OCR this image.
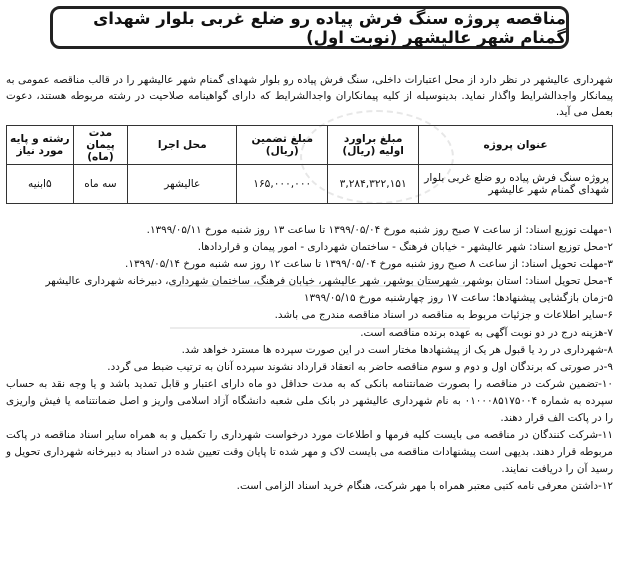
مناقصه پروژه سنگ فرش پیاده رو ضلع غربی بلوار شهدای گمنام شهر عالیشهر (نوبت اول)
شهرداری عالیشهر در نظر دارد از محل اعتبارات داخلی، سنگ فرش پیاده رو بلوار شهدای گمنام شهر عالیشهر را در قالب مناقصه عمومی به پیمانکار واجدالشرایط واگذار نماید. بدینوسیله از کلیه پیمانکاران واجدالشرایط که دارای گواهینامه صلاحیت در رشته مربوطه هستند، دعوت بعمل می آید.
عنوان پروژه	مبلغ براورد اولیه (ریال)	مبلغ تضمین (ریال)	محل اجرا	مدت پیمان (ماه)	رشته و پایه مورد نیاز
پروژه سنگ فرش پیاده رو ضلع غربی بلوار شهدای گمنام شهر عالیشهر	۳,۲۸۴,۳۲۲,۱۵۱	۱۶۵,۰۰۰,۰۰۰	عالیشهر	سه ماه	۵ابنیه
۱-مهلت توزیع اسناد: از ساعت ۷ صبح روز شنبه مورخ ۱۳۹۹/۰۵/۰۴ تا ساعت ۱۳ روز شنبه مورخ ۱۳۹۹/۰۵/۱۱.
۲-محل توزیع اسناد: شهر عالیشهر - خیابان فرهنگ - ساختمان شهرداری - امور پیمان و قراردادها.
۳-مهلت تحویل اسناد: از ساعت ۸ صبح روز شنبه مورخ ۱۳۹۹/۰۵/۰۴ تا ساعت ۱۲ روز سه شنبه مورخ ۱۳۹۹/۰۵/۱۴.
۴-محل تحویل اسناد: استان بوشهر، شهرستان بوشهر، شهر عالیشهر، خیابان فرهنگ، ساختمان شهرداری، دبیرخانه شهرداری عالیشهر
۵-زمان بازگشایی پیشنهادها: ساعت ۱۷ روز چهارشنبه مورخ ۱۳۹۹/۰۵/۱۵
۶-سایر اطلاعات و جزئیات مربوط به مناقصه در اسناد مناقصه مندرج می باشد.
۷-هزینه درج در دو نوبت آگهی به عهده برنده مناقصه است.
۸-شهرداری در رد یا قبول هر یک از پیشنهادها مختار است در این صورت سپرده ها مسترد خواهد شد.
۹-در صورتی که برندگان اول و دوم و سوم مناقصه حاضر به انعقاد قرارداد نشوند سپرده آنان به ترتیب ضبط می گردد.
۱۰-تضمین شرکت در مناقصه را بصورت ضمانتنامه بانکی که به مدت حداقل دو ماه دارای اعتبار و قابل تمدید باشد و یا وجه نقد به حساب سپرده به شماره ۰۱۰۰۰۸۵۱۷۵۰۰۴ به نام شهرداری عالیشهر در بانک ملی شعبه دانشگاه آزاد اسلامی واریز و اصل ضمانتنامه یا فیش واریزی را در پاکت الف قرار دهند.
۱۱-شرکت کنندگان در مناقصه می بایست کلیه فرمها و اطلاعات مورد درخواست شهرداری را تکمیل و به همراه سایر اسناد مناقصه در پاکت مربوطه قرار دهند. بدیهی است پیشنهادات مناقصه می بایست لاک و مهر شده تا پایان وقت تعیین شده در اسناد به دبیرخانه شهرداری تحویل و رسید آن را دریافت نمایند.
۱۲-داشتن معرفی نامه کتبی معتبر همراه با مهر شرکت، هنگام خرید اسناد الزامی است.
